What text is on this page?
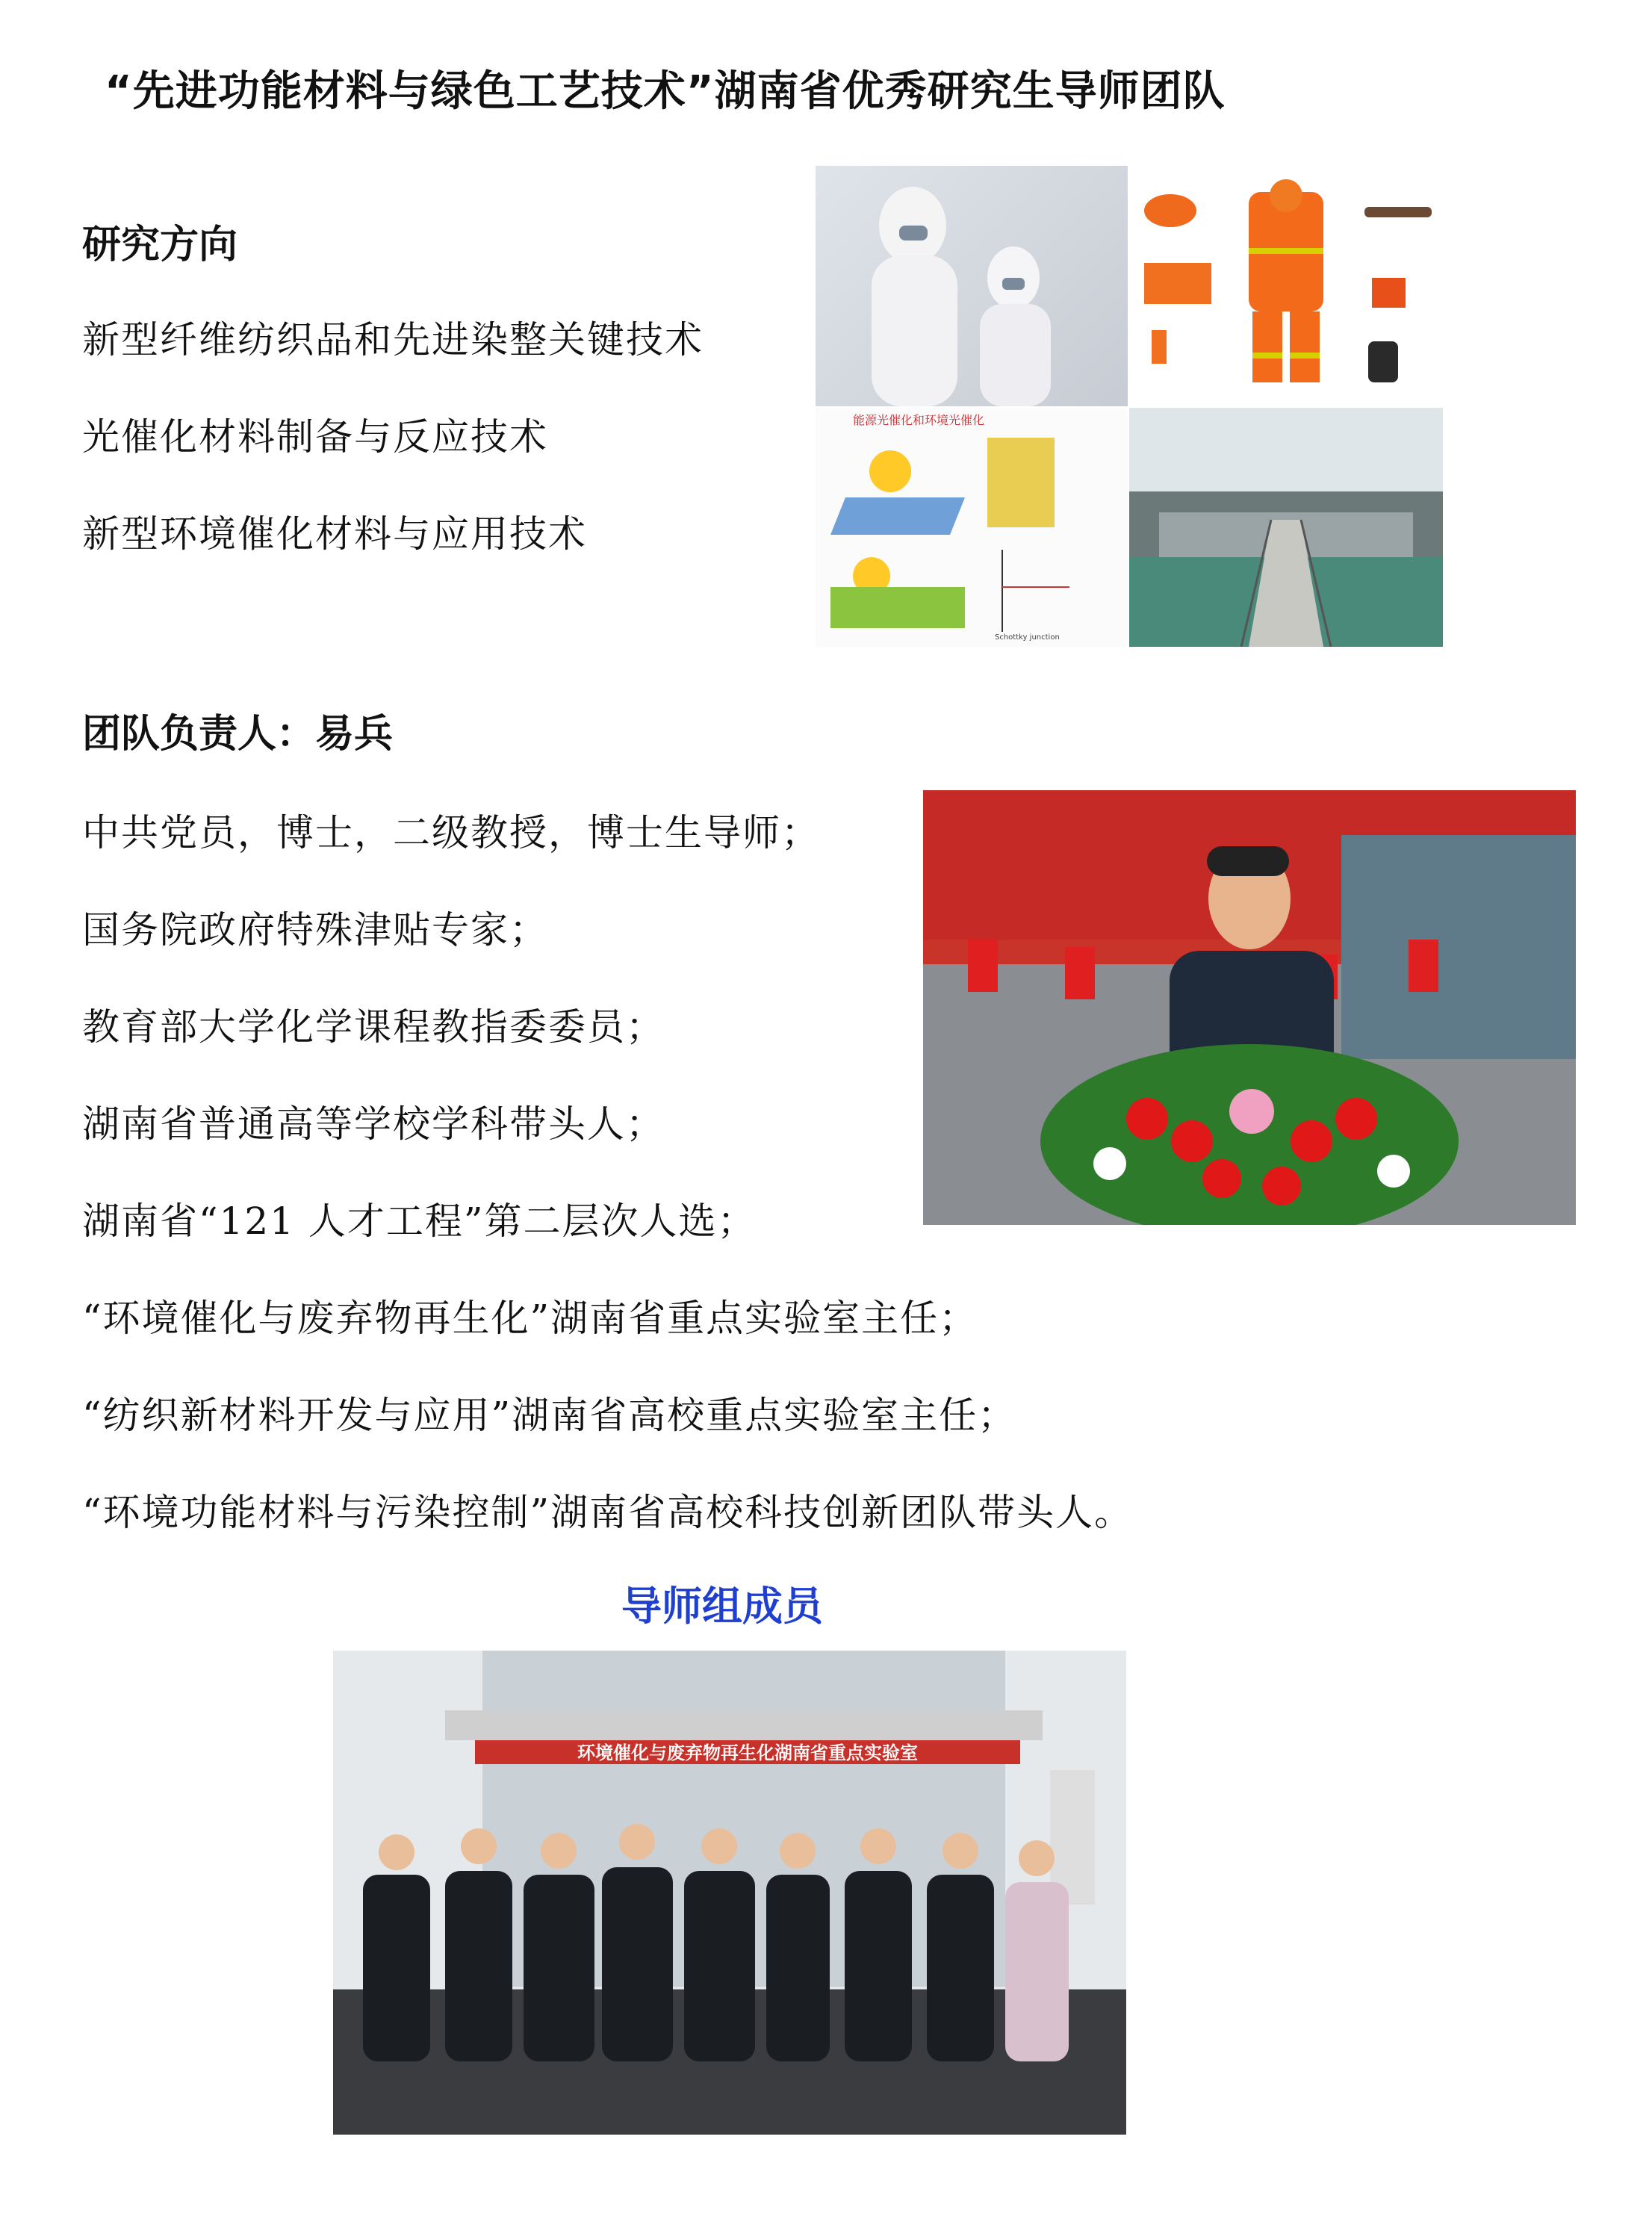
“先进功能材料与绿色工艺技术”湖南省优秀研究生导师团队
研究方向
新型纤维纺织品和先进染整关键技术
光催化材料制备与反应技术
新型环境催化材料与应用技术
能源光催化和环境光催化
Schottky junction
团队负责人：易兵
中共党员，博士，二级教授，博士生导师；
国务院政府特殊津贴专家；
教育部大学化学课程教指委委员；
湖南省普通高等学校学科带头人；
湖南省“121 人才工程”第二层次人选；
“环境催化与废弃物再生化”湖南省重点实验室主任；
“纺织新材料开发与应用”湖南省高校重点实验室主任；
“环境功能材料与污染控制”湖南省高校科技创新团队带头人。
导师组成员
环境催化与废弃物再生化湖南省重点实验室
